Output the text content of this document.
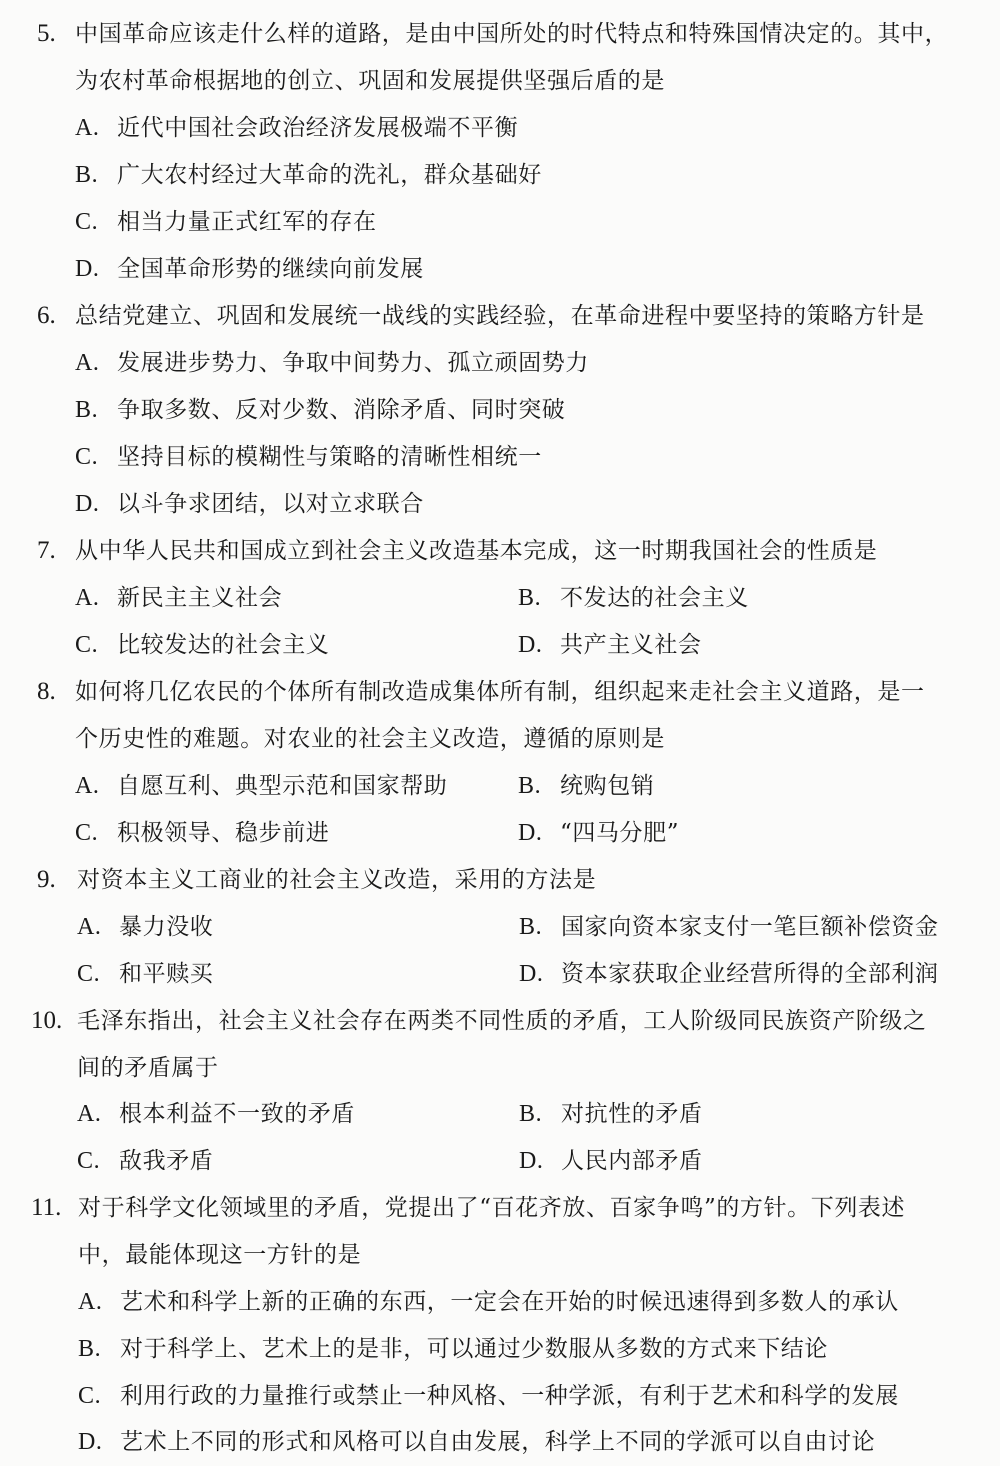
5. 中国革命应该走什么样的道路，是由中国所处的时代特点和特殊国情决定的。其中，
为农村革命根据地的创立、巩固和发展提供坚强后盾的是
A. 近代中国社会政治经济发展极端不平衡
B. 广大农村经过大革命的洗礼，群众基础好
C. 相当力量正式红军的存在
D. 全国革命形势的继续向前发展
6. 总结党建立、巩固和发展统一战线的实践经验，在革命进程中要坚持的策略方针是
A. 发展进步势力、争取中间势力、孤立顽固势力
B. 争取多数、反对少数、消除矛盾、同时突破
C. 坚持目标的模糊性与策略的清晰性相统一
D. 以斗争求团结，以对立求联合
7. 从中华人民共和国成立到社会主义改造基本完成，这一时期我国社会的性质是
A. 新民主主义社会	B. 不发达的社会主义
C. 比较发达的社会主义	D. 共产主义社会
8. 如何将几亿农民的个体所有制改造成集体所有制，组织起来走社会主义道路，是一
个历史性的难题。对农业的社会主义改造，遵循的原则是
A. 自愿互利、典型示范和国家帮助	B. 统购包销
C. 积极领导、稳步前进	D. “四马分肥”
9. 对资本主义工商业的社会主义改造，采用的方法是
A. 暴力没收	B. 国家向资本家支付一笔巨额补偿资金
C. 和平赎买	D. 资本家获取企业经营所得的全部利润
10. 毛泽东指出，社会主义社会存在两类不同性质的矛盾，工人阶级同民族资产阶级之
间的矛盾属于
A. 根本利益不一致的矛盾	B. 对抗性的矛盾
C. 敌我矛盾	D. 人民内部矛盾
11. 对于科学文化领域里的矛盾，党提出了“百花齐放、百家争鸣”的方针。下列表述
中，最能体现这一方针的是
A. 艺术和科学上新的正确的东西，一定会在开始的时候迅速得到多数人的承认
B. 对于科学上、艺术上的是非，可以通过少数服从多数的方式来下结论
C. 利用行政的力量推行或禁止一种风格、一种学派，有利于艺术和科学的发展
D. 艺术上不同的形式和风格可以自由发展，科学上不同的学派可以自由讨论
